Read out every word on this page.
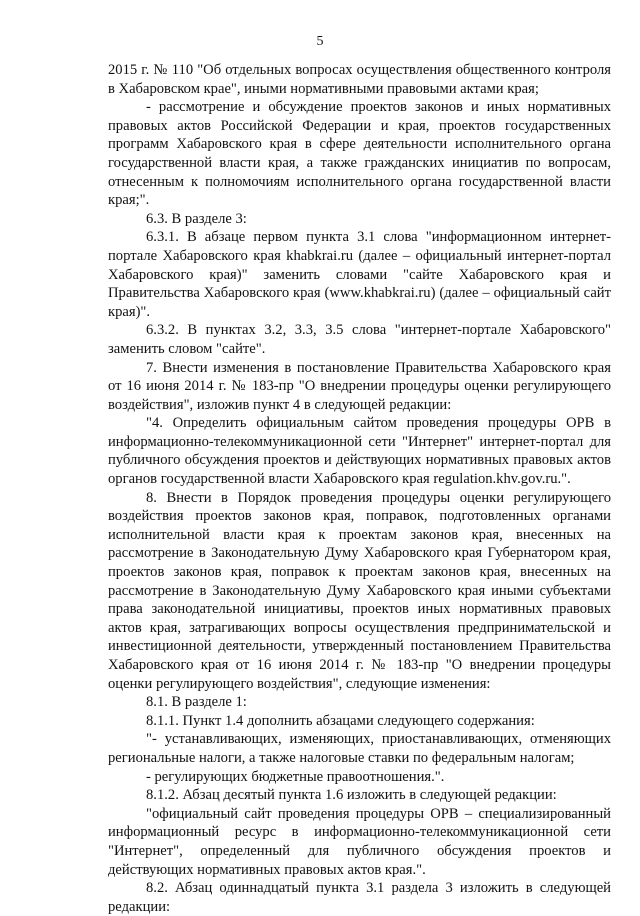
5

2015 г. № 110 "Об отдельных вопросах осуществления общественного контроля в Хабаровском крае", иными нормативными правовыми актами края;

- рассмотрение и обсуждение проектов законов и иных нормативных правовых актов Российской Федерации и края, проектов государственных программ Хабаровского края в сфере деятельности исполнительного органа государственной власти края, а также гражданских инициатив по вопросам, отнесенным к полномочиям исполнительного органа государственной власти края;".

6.3. В разделе 3:

6.3.1. В абзаце первом пункта 3.1 слова "информационном интернет-портале Хабаровского края khabkrai.ru (далее – официальный интернет-портал Хабаровского края)" заменить словами "сайте Хабаровского края и Правительства Хабаровского края (www.khabkrai.ru) (далее – официальный сайт края)".

6.3.2. В пунктах 3.2, 3.3, 3.5 слова "интернет-портале Хабаровского" заменить словом "сайте".

7. Внести изменения в постановление Правительства Хабаровского края от 16 июня 2014 г. № 183-пр "О внедрении процедуры оценки регулирующего воздействия", изложив пункт 4 в следующей редакции:

"4. Определить официальным сайтом проведения процедуры ОРВ в информационно-телекоммуникационной сети "Интернет" интернет-портал для публичного обсуждения проектов и действующих нормативных правовых актов органов государственной власти Хабаровского края regulation.khv.gov.ru.".

8. Внести в Порядок проведения процедуры оценки регулирующего воздействия проектов законов края, поправок, подготовленных органами исполнительной власти края к проектам законов края, внесенных на рассмотрение в Законодательную Думу Хабаровского края Губернатором края, проектов законов края, поправок к проектам законов края, внесенных на рассмотрение в Законодательную Думу Хабаровского края иными субъектами права законодательной инициативы, проектов иных нормативных правовых актов края, затрагивающих вопросы осуществления предпринимательской и инвестиционной деятельности, утвержденный постановлением Правительства Хабаровского края от 16 июня 2014 г. № 183-пр "О внедрении процедуры оценки регулирующего воздействия", следующие изменения:

8.1. В разделе 1:

8.1.1. Пункт 1.4 дополнить абзацами следующего содержания:

"- устанавливающих, изменяющих, приостанавливающих, отменяющих региональные налоги, а также налоговые ставки по федеральным налогам;

- регулирующих бюджетные правоотношения.".

8.1.2. Абзац десятый пункта 1.6 изложить в следующей редакции:

"официальный сайт проведения процедуры ОРВ – специализированный информационный ресурс в информационно-телекоммуникационной сети "Интернет", определенный для публичного обсуждения проектов и действующих нормативных правовых актов края.".

8.2. Абзац одиннадцатый пункта 3.1 раздела 3 изложить в следующей редакции:
